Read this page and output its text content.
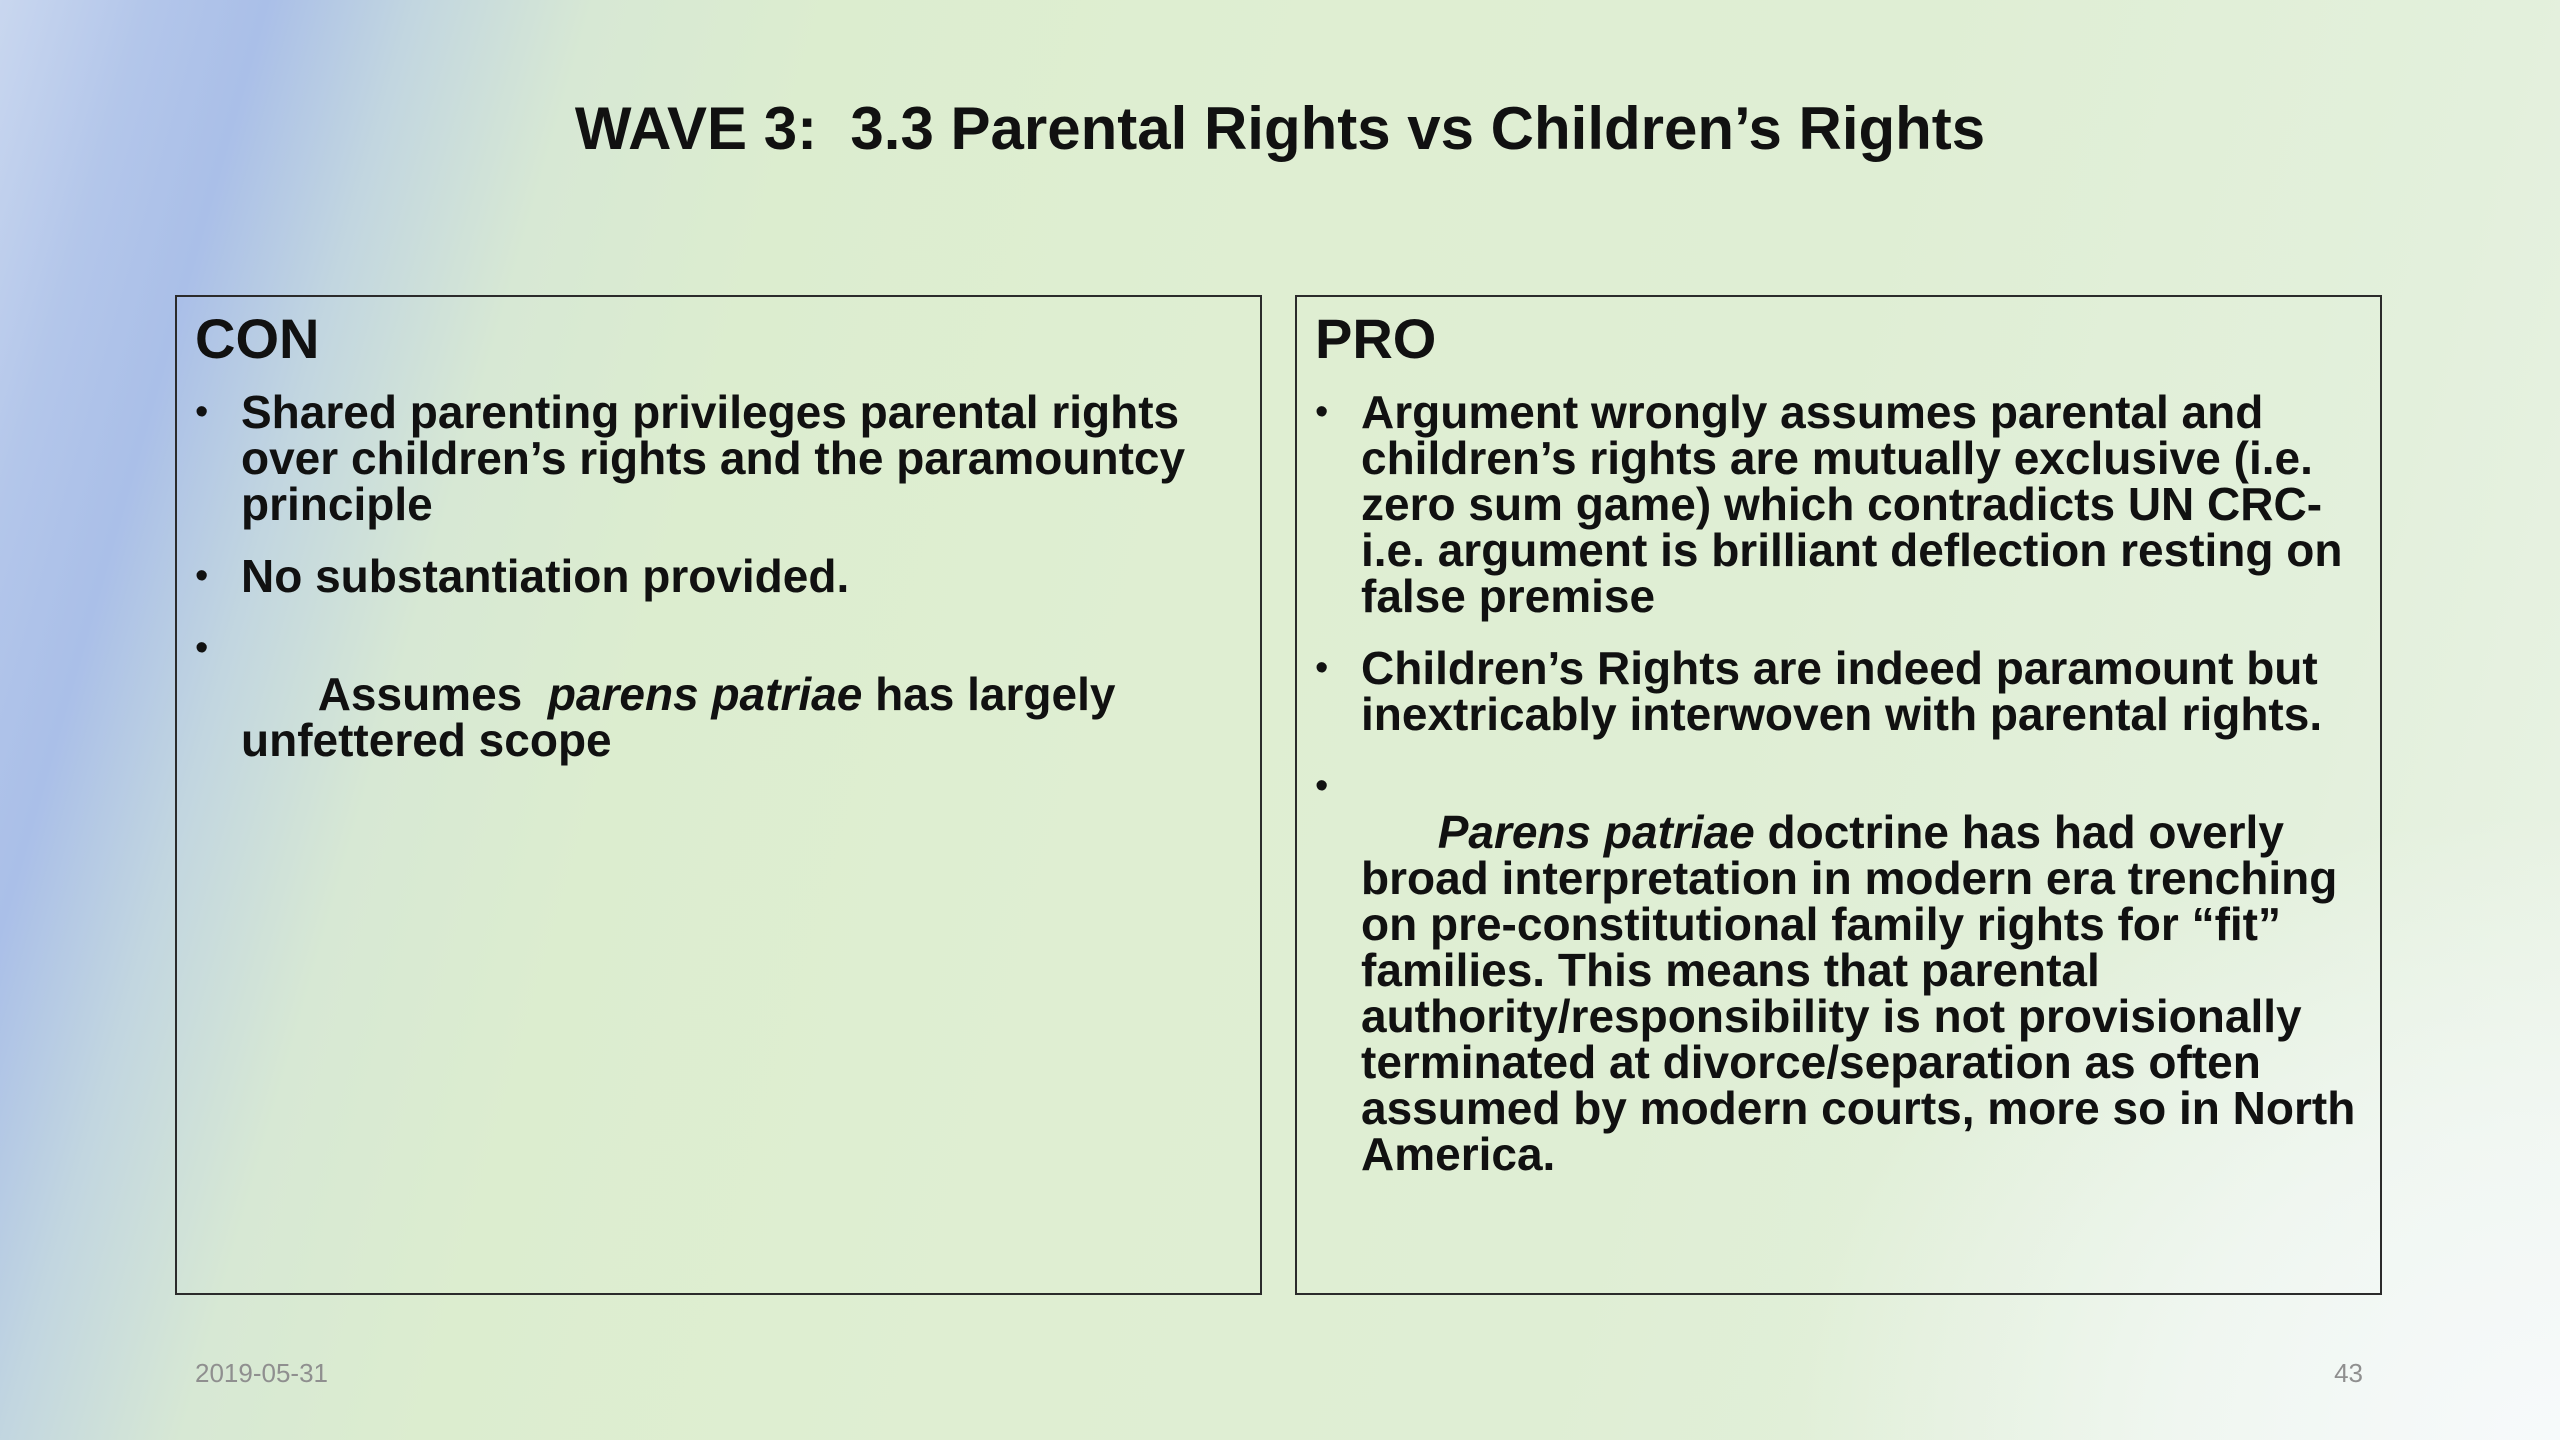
WAVE 3:  3.3 Parental Rights vs Children’s Rights
CON
• Shared parenting privileges parental rights over children’s rights and the paramountcy principle
• No substantiation provided.

•
Assumes  parens patriae has largely unfettered scope

PRO
• Argument wrongly assumes parental and children’s rights are mutually exclusive (i.e. zero sum game) which contradicts UN CRC- i.e. argument is brilliant deflection resting on false premise
• Children’s Rights are indeed paramount but inextricably interwoven with parental rights.

•
Parens patriae doctrine has had overly broad interpretation in modern era trenching on pre-constitutional family rights for “fit” families. This means that parental authority/responsibility is not provisionally terminated at divorce/separation as often assumed by modern courts, more so in North America.

2019-05-31	43
